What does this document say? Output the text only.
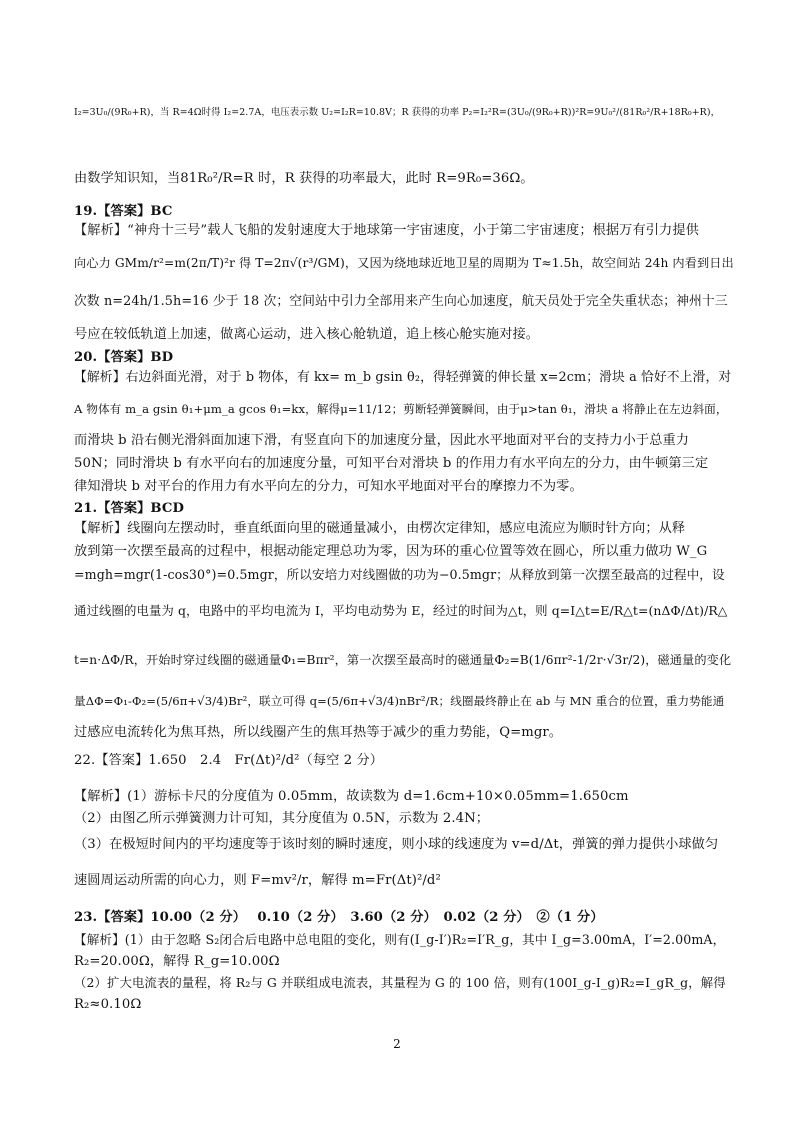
I₂=3U₀/(9R₀+R)，当 R=4Ω时得 I₂=2.7A，电压表示数 U₂=I₂R=10.8V；R 获得的功率 P₂=I₂²R=(3U₀/(9R₀+R))²R=9U₀²/(81R₀²/R+18R₀+R)，
由数学知识知，当81R₀²/R=R 时，R 获得的功率最大，此时 R=9R₀=36Ω。
19.【答案】BC
【解析】“神舟十三号”载人飞船的发射速度大于地球第一宇宙速度，小于第二宇宙速度；根据万有引力提供
向心力 GMm/r²=m(2π/T)²r 得 T=2π√(r³/GM)，又因为绕地球近地卫星的周期为 T≈1.5h，故空间站 24h 内看到日出
次数 n=24h/1.5h=16 少于 18 次；空间站中引力全部用来产生向心加速度，航天员处于完全失重状态；神州十三
号应在较低轨道上加速，做离心运动，进入核心舱轨道，追上核心舱实施对接。
20.【答案】BD
【解析】右边斜面光滑，对于 b 物体，有 kx= m_b gsin θ₂，得轻弹簧的伸长量 x=2cm；滑块 a 恰好不上滑，对
A 物体有 m_a gsin θ₁+μm_a gcos θ₁=kx，解得μ=11/12；剪断轻弹簧瞬间，由于μ>tan θ₁，滑块 a 将静止在左边斜面，
而滑块 b 沿右侧光滑斜面加速下滑，有竖直向下的加速度分量，因此水平地面对平台的支持力小于总重力
50N；同时滑块 b 有水平向右的加速度分量，可知平台对滑块 b 的作用力有水平向左的分力，由牛顿第三定
律知滑块 b 对平台的作用力有水平向左的分力，可知水平地面对平台的摩擦力不为零。
21.【答案】BCD
【解析】线圈向左摆动时，垂直纸面向里的磁通量减小，由楞次定律知，感应电流应为顺时针方向；从释
放到第一次摆至最高的过程中，根据动能定理总功为零，因为环的重心位置等效在圆心，所以重力做功 W_G
=mgh=mgr(1-cos30°)=0.5mgr，所以安培力对线圈做的功为−0.5mgr；从释放到第一次摆至最高的过程中，设
通过线圈的电量为 q，电路中的平均电流为 I，平均电动势为 E，经过的时间为△t，则 q=I△t=E/R△t=(nΔΦ/Δt)/R△
t=n·ΔΦ/R，开始时穿过线圈的磁通量Φ₁=Bπr²，第一次摆至最高时的磁通量Φ₂=B(1/6πr²-1/2r·√3r/2)，磁通量的变化
量ΔΦ=Φ₁-Φ₂=(5/6π+√3/4)Br²，联立可得 q=(5/6π+√3/4)nBr²/R；线圈最终静止在 ab 与 MN 重合的位置，重力势能通
过感应电流转化为焦耳热，所以线圈产生的焦耳热等于减少的重力势能，Q=mgr。
22.【答案】1.650　2.4　Fr(Δt)²/d²（每空 2 分）
【解析】(1）游标卡尺的分度值为 0.05mm，故读数为 d=1.6cm+10×0.05mm=1.650cm
（2）由图乙所示弹簧测力计可知，其分度值为 0.5N，示数为 2.4N；
（3）在极短时间内的平均速度等于该时刻的瞬时速度，则小球的线速度为 v=d/Δt，弹簧的弹力提供小球做匀
速圆周运动所需的向心力，则 F=mv²/r，解得 m=Fr(Δt)²/d²
23.【答案】10.00（2 分）　 0.10（2 分）　3.60（2 分）　0.02（2 分）　②（1 分）
【解析】(1）由于忽略 S₂闭合后电路中总电阻的变化，则有(I_g-I′)R₂=I′R_g，其中 I_g=3.00mA，I′=2.00mA，
R₂=20.00Ω，解得 R_g=10.00Ω
（2）扩大电流表的量程，将 R₂与 G 并联组成电流表，其量程为 G 的 100 倍，则有(100I_g-I_g)R₂=I_gR_g，解得
R₂≈0.10Ω
2
